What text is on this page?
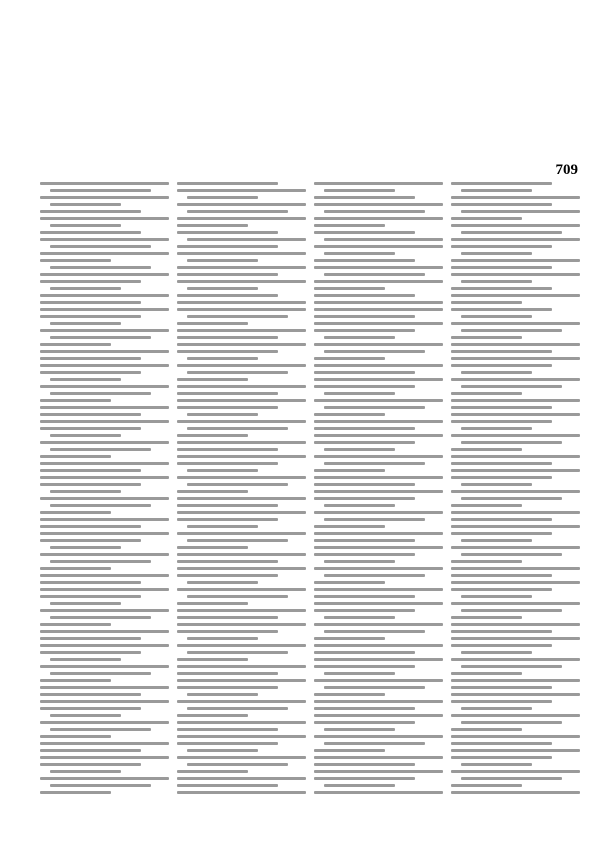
709
